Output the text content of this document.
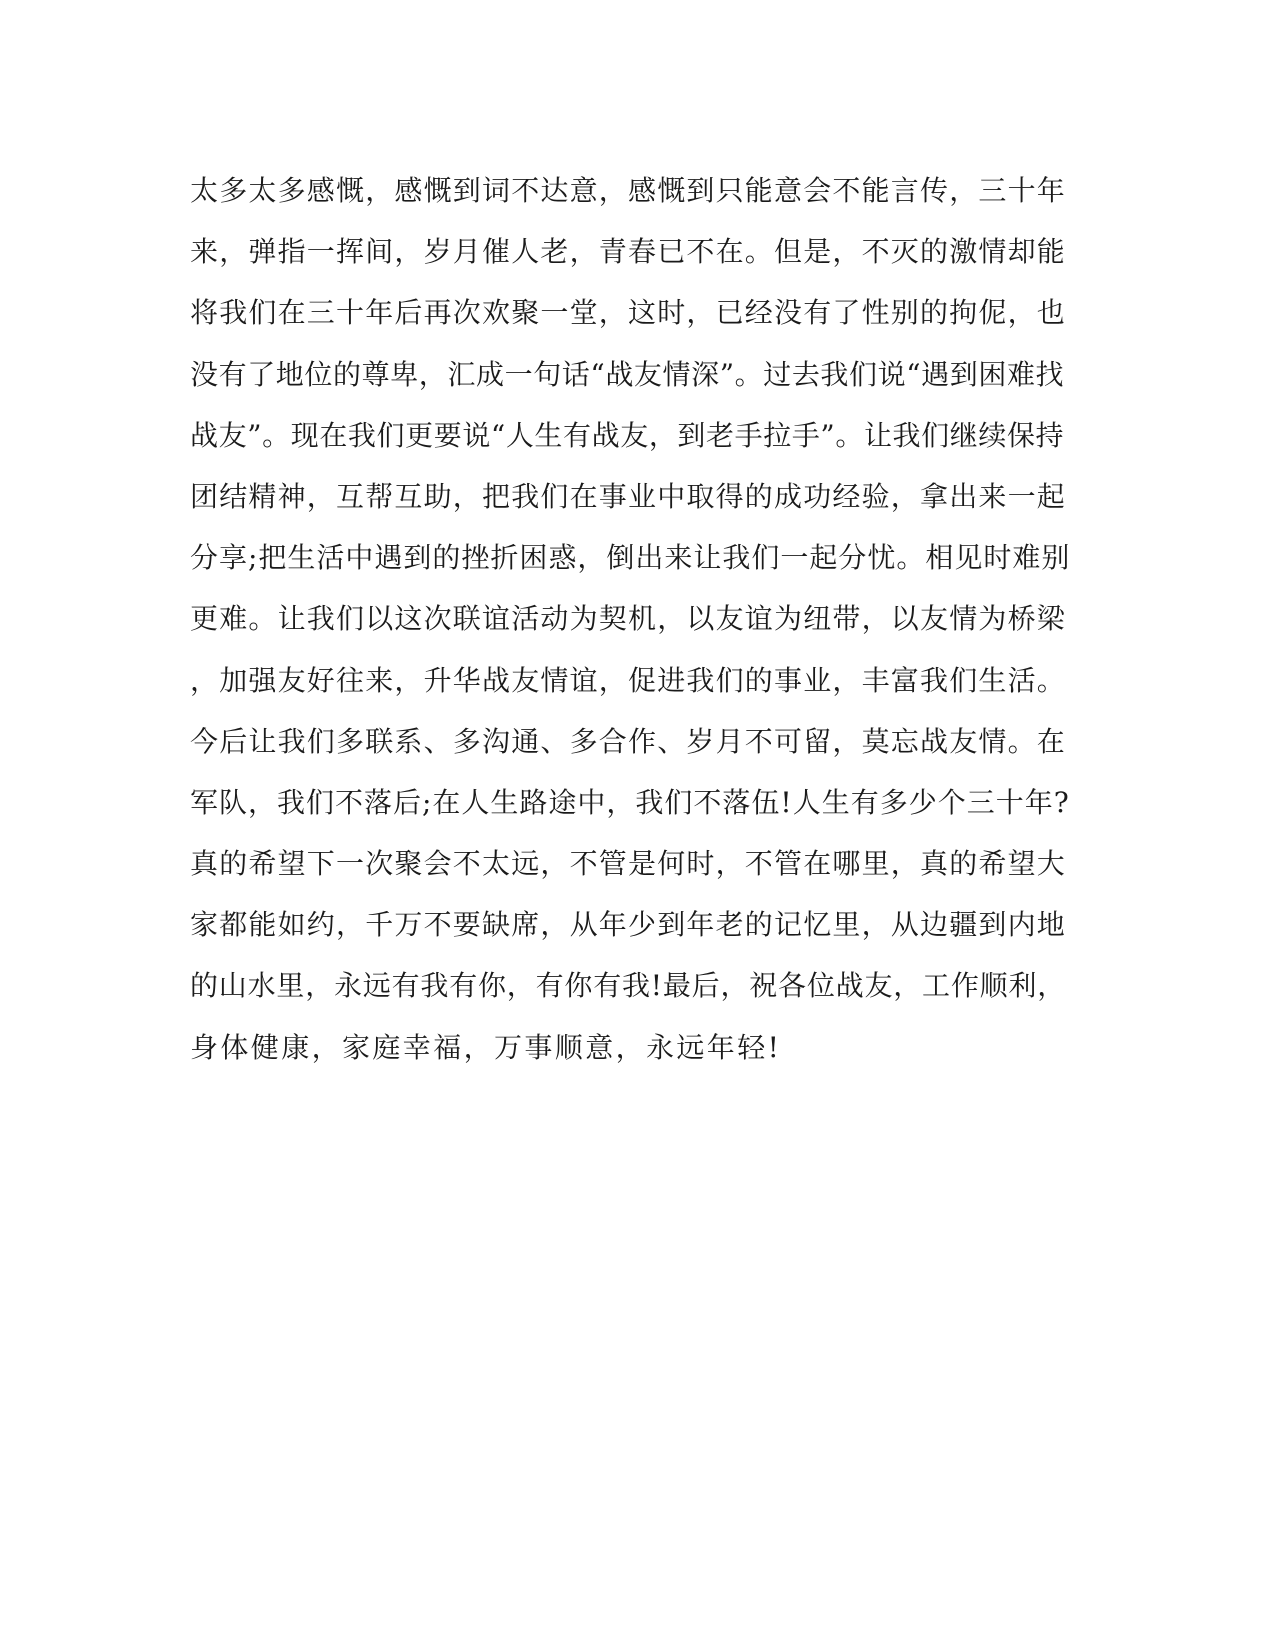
太多太多感慨，感慨到词不达意，感慨到只能意会不能言传，三十年
来，弹指一挥间，岁月催人老，青春已不在。但是，不灭的激情却能
将我们在三十年后再次欢聚一堂，这时，已经没有了性别的拘伲，也
没有了地位的尊卑，汇成一句话“战友情深”。过去我们说“遇到困难找
战友”。现在我们更要说“人生有战友，到老手拉手”。让我们继续保持
团结精神，互帮互助，把我们在事业中取得的成功经验，拿出来一起
分享;把生活中遇到的挫折困惑，倒出来让我们一起分忧。相见时难别
更难。让我们以这次联谊活动为契机，以友谊为纽带，以友情为桥梁
，加强友好往来，升华战友情谊，促进我们的事业，丰富我们生活。
今后让我们多联系、多沟通、多合作、岁月不可留，莫忘战友情。在
军队，我们不落后;在人生路途中，我们不落伍!人生有多少个三十年?
真的希望下一次聚会不太远，不管是何时，不管在哪里，真的希望大
家都能如约，千万不要缺席，从年少到年老的记忆里，从边疆到内地
的山水里，永远有我有你，有你有我!最后，祝各位战友，工作顺利，
身体健康，家庭幸福，万事顺意，永远年轻!
